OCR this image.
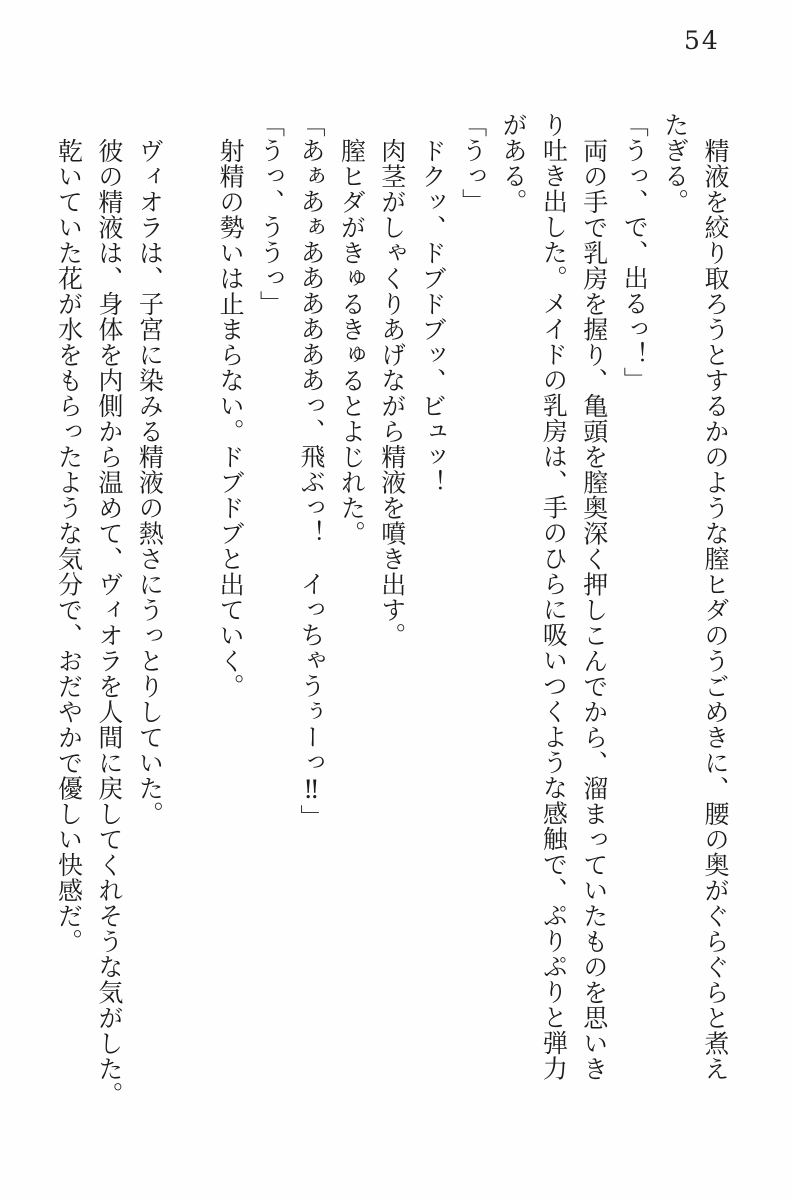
54
精液を絞り取ろうとするかのような膣ヒダのうごめきに、腰の奥がぐらぐらと煮え
たぎる。
「うっ、で、出るっ！」
両の手で乳房を握り、亀頭を膣奥深く押しこんでから、溜まっていたものを思いき
り吐き出した。メイドの乳房は、手のひらに吸いつくような感触で、ぷりぷりと弾力
がある。
「うっ」
ドクッ、ドブドブッ、ビュッ！
肉茎がしゃくりあげながら精液を噴き出す。
膣ヒダがきゅるきゅるとよじれた。
「あぁあぁああああああっ、飛ぶっ！　イっちゃうぅーっ‼」
「うっ、ううっ」
射精の勢いは止まらない。ドブドブと出ていく。
ヴィオラは、子宮に染みる精液の熱さにうっとりしていた。
彼の精液は、身体を内側から温めて、ヴィオラを人間に戻してくれそうな気がした。
乾いていた花が水をもらったような気分で、おだやかで優しい快感だ。
